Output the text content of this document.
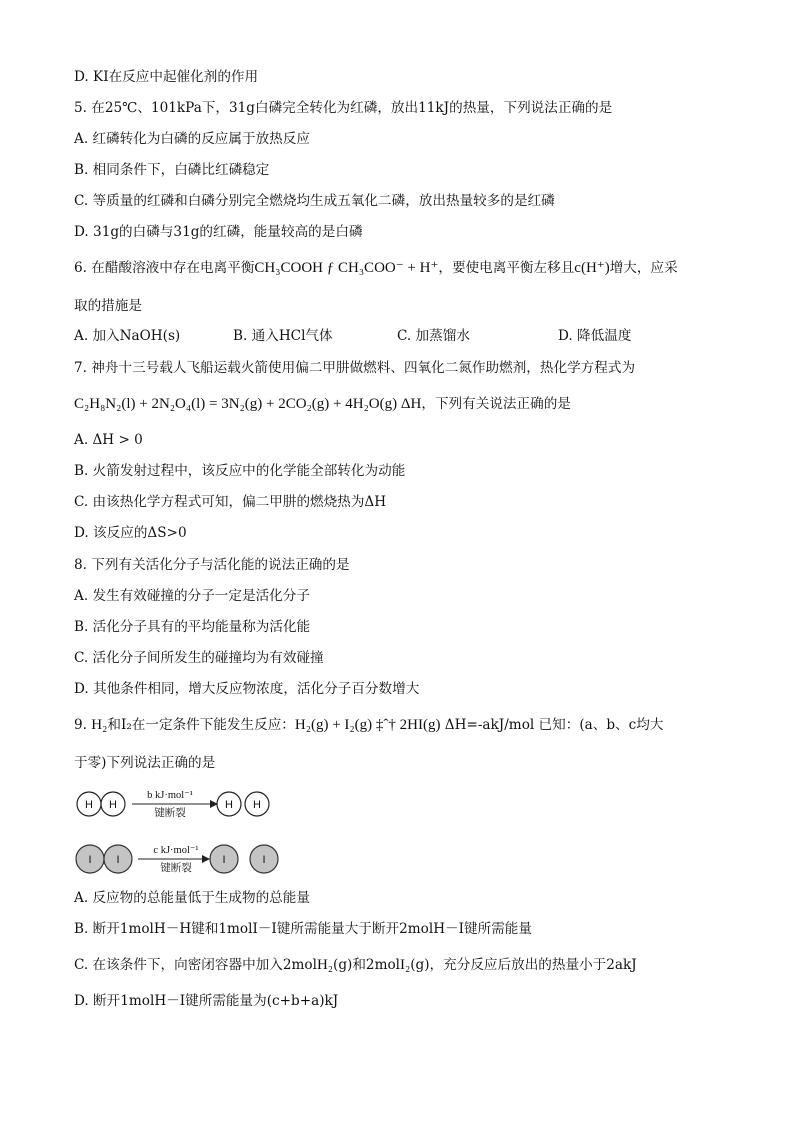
D. KI在反应中起催化剂的作用
5. 在25℃、101kPa下，31g白磷完全转化为红磷，放出11kJ的热量，下列说法正确的是
A. 红磷转化为白磷的反应属于放热反应
B. 相同条件下，白磷比红磷稳定
C. 等质量的红磷和白磷分别完全燃烧均生成五氧化二磷，放出热量较多的是红磷
D. 31g的白磷与31g的红磷，能量较高的是白磷
6. 在醋酸溶液中存在电离平衡CH₃COOH ƒ CH₃COO⁻ + H⁺，要使电离平衡左移且c(H⁺)增大，应采
取的措施是
A. 加入NaOH(s)	B. 通入HCl气体	C. 加蒸馏水	D. 降低温度
7. 神舟十三号载人飞船运载火箭使用偏二甲肼做燃料、四氧化二氮作助燃剂，热化学方程式为
C₂H₈N₂(l) + 2N₂O₄(l) = 3N₂(g) + 2CO₂(g) + 4H₂O(g) ΔH，下列有关说法正确的是
A. ΔH > 0
B. 火箭发射过程中，该反应中的化学能全部转化为动能
C. 由该热化学方程式可知，偏二甲肼的燃烧热为ΔH
D. 该反应的ΔS>0
8. 下列有关活化分子与活化能的说法正确的是
A. 发生有效碰撞的分子一定是活化分子
B. 活化分子具有的平均能量称为活化能
C. 活化分子间所发生的碰撞均为有效碰撞
D. 其他条件相同，增大反应物浓度，活化分子百分数增大
9. H₂和I₂在一定条件下能发生反应：H₂(g) + I₂(g) ‡ˆ† 2HI(g) ΔH=-akJ/mol 已知：(a、b、c均大
于零)下列说法正确的是
H H
b kJ·mol⁻¹
键断裂
H H
I I
c kJ·mol⁻¹
键断裂
I	I
A. 反应物的总能量低于生成物的总能量
B. 断开1molH－H键和1molI－I键所需能量大于断开2molH－I键所需能量
C. 在该条件下，向密闭容器中加入2molH₂(g)和2molI₂(g)，充分反应后放出的热量小于2akJ
D. 断开1molH－I键所需能量为(c+b+a)kJ
